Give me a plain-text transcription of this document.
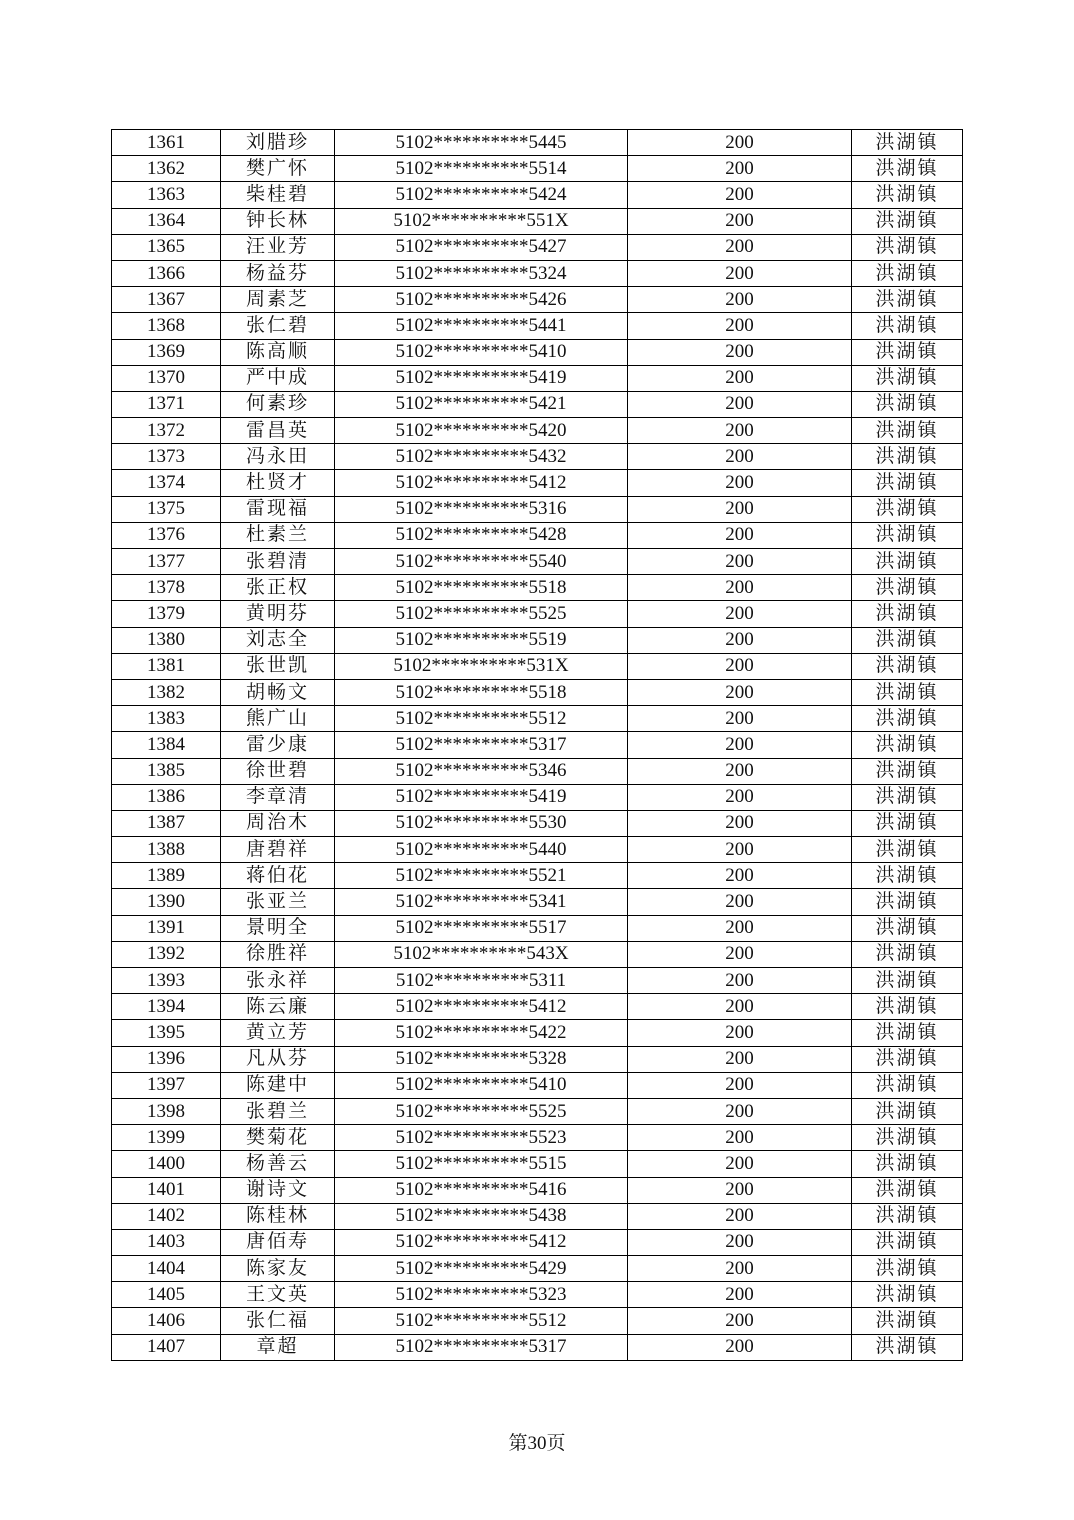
1361	刘腊珍	5102**********5445	200	洪湖镇
1362	樊广怀	5102**********5514	200	洪湖镇
1363	柴桂碧	5102**********5424	200	洪湖镇
1364	钟长林	5102**********551X	200	洪湖镇
1365	汪业芳	5102**********5427	200	洪湖镇
1366	杨益芬	5102**********5324	200	洪湖镇
1367	周素芝	5102**********5426	200	洪湖镇
1368	张仁碧	5102**********5441	200	洪湖镇
1369	陈高顺	5102**********5410	200	洪湖镇
1370	严中成	5102**********5419	200	洪湖镇
1371	何素珍	5102**********5421	200	洪湖镇
1372	雷昌英	5102**********5420	200	洪湖镇
1373	冯永田	5102**********5432	200	洪湖镇
1374	杜贤才	5102**********5412	200	洪湖镇
1375	雷现福	5102**********5316	200	洪湖镇
1376	杜素兰	5102**********5428	200	洪湖镇
1377	张碧清	5102**********5540	200	洪湖镇
1378	张正权	5102**********5518	200	洪湖镇
1379	黄明芬	5102**********5525	200	洪湖镇
1380	刘志全	5102**********5519	200	洪湖镇
1381	张世凯	5102**********531X	200	洪湖镇
1382	胡畅文	5102**********5518	200	洪湖镇
1383	熊广山	5102**********5512	200	洪湖镇
1384	雷少康	5102**********5317	200	洪湖镇
1385	徐世碧	5102**********5346	200	洪湖镇
1386	李章清	5102**********5419	200	洪湖镇
1387	周治木	5102**********5530	200	洪湖镇
1388	唐碧祥	5102**********5440	200	洪湖镇
1389	蒋伯花	5102**********5521	200	洪湖镇
1390	张亚兰	5102**********5341	200	洪湖镇
1391	景明全	5102**********5517	200	洪湖镇
1392	徐胜祥	5102**********543X	200	洪湖镇
1393	张永祥	5102**********5311	200	洪湖镇
1394	陈云廉	5102**********5412	200	洪湖镇
1395	黄立芳	5102**********5422	200	洪湖镇
1396	凡从芬	5102**********5328	200	洪湖镇
1397	陈建中	5102**********5410	200	洪湖镇
1398	张碧兰	5102**********5525	200	洪湖镇
1399	樊菊花	5102**********5523	200	洪湖镇
1400	杨善云	5102**********5515	200	洪湖镇
1401	谢诗文	5102**********5416	200	洪湖镇
1402	陈桂林	5102**********5438	200	洪湖镇
1403	唐佰寿	5102**********5412	200	洪湖镇
1404	陈家友	5102**********5429	200	洪湖镇
1405	王文英	5102**********5323	200	洪湖镇
1406	张仁福	5102**********5512	200	洪湖镇
1407	章超	5102**********5317	200	洪湖镇
第30页
